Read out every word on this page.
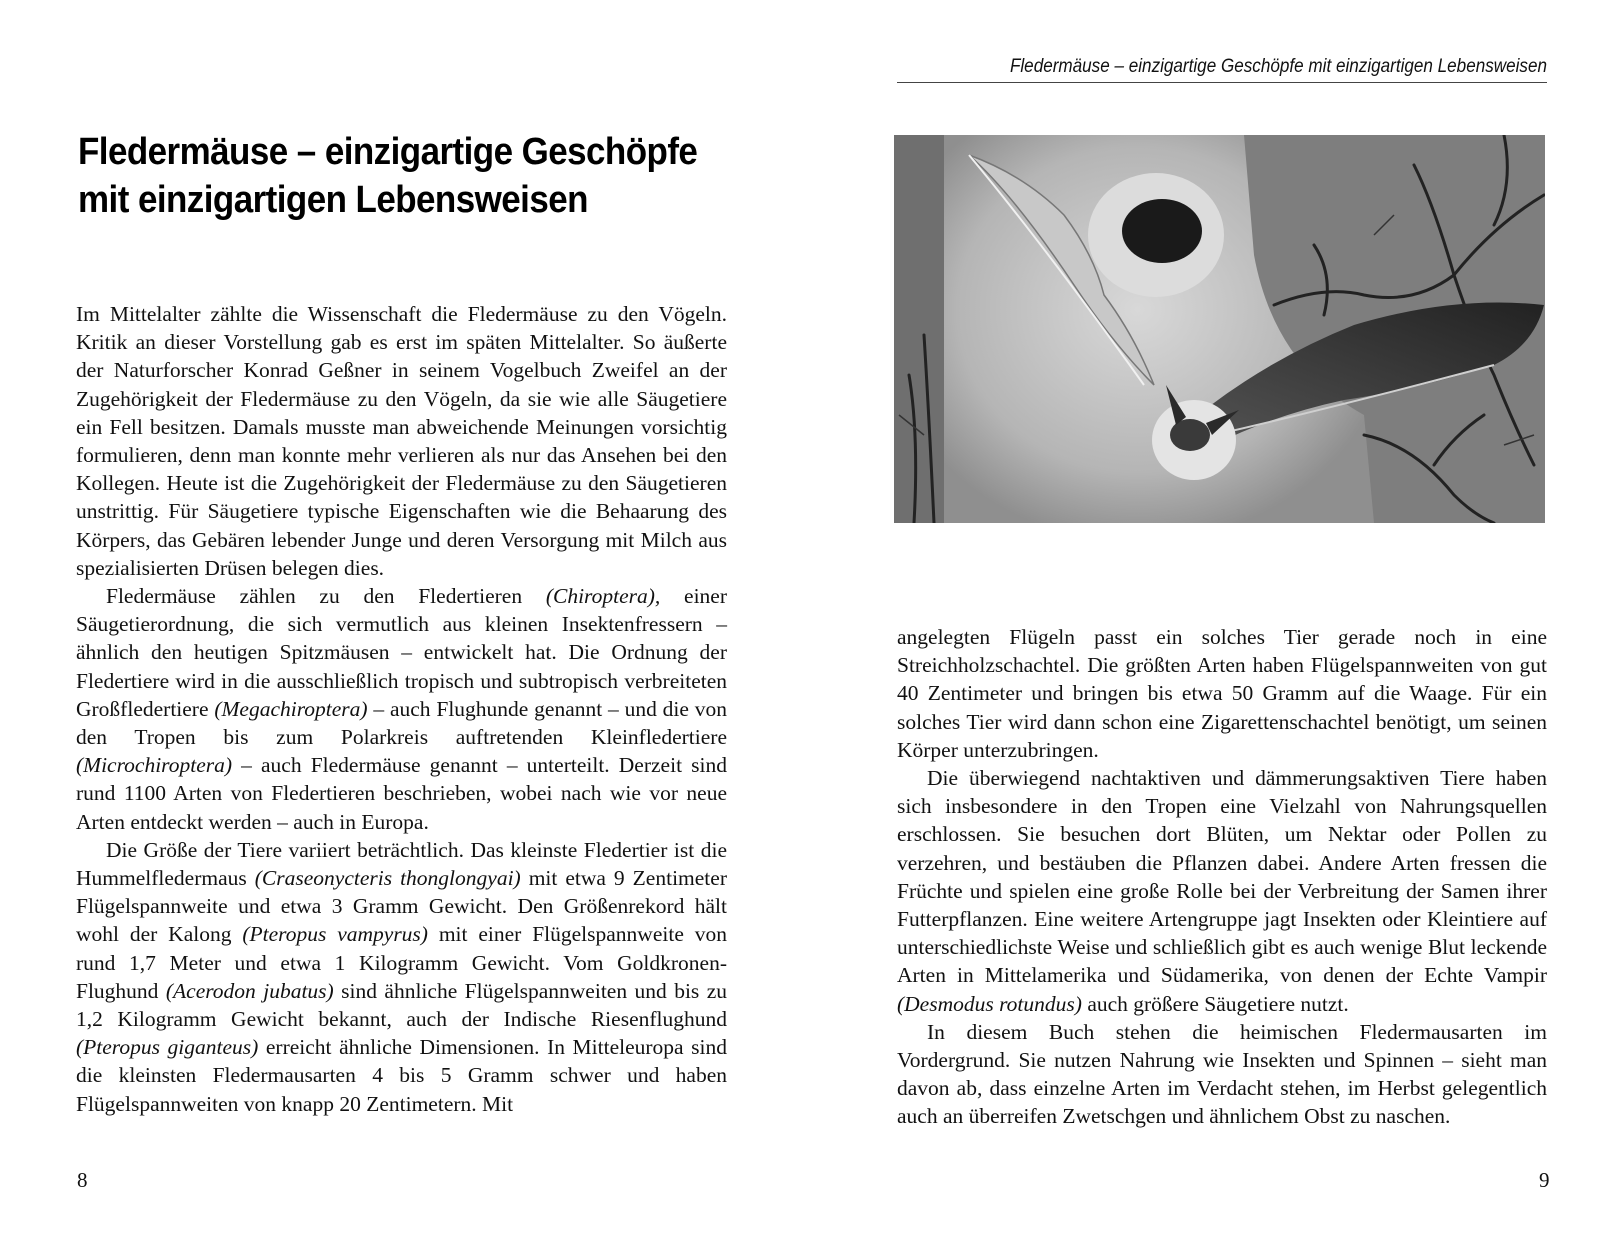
Fledermäuse – einzigartige Geschöpfe
mit einzigartigen Lebensweisen

Im Mittelalter zählte die Wissenschaft die Fledermäuse zu den Vögeln. Kritik an dieser Vorstellung gab es erst im späten Mittelalter. So äußerte der Naturforscher Konrad Geßner in seinem Vogelbuch Zweifel an der Zugehörigkeit der Fledermäuse zu den Vögeln, da sie wie alle Säugetiere ein Fell besitzen. Damals musste man abweichende Meinungen vorsichtig formulieren, denn man konnte mehr verlieren als nur das Ansehen bei den Kollegen. Heute ist die Zugehörigkeit der Fledermäuse zu den Säugetieren unstrittig. Für Säugetiere typische Eigenschaften wie die Behaarung des Körpers, das Gebären lebender Junge und deren Versorgung mit Milch aus spezialisierten Drüsen belegen dies.

Fledermäuse zählen zu den Fledertieren (Chiroptera), einer Säugetierordnung, die sich vermutlich aus kleinen Insektenfressern – ähnlich den heutigen Spitzmäusen – entwickelt hat. Die Ordnung der Fledertiere wird in die ausschließlich tropisch und subtropisch verbreiteten Großfledertiere (Megachiroptera) – auch Flughunde genannt – und die von den Tropen bis zum Polarkreis auftretenden Kleinfledertiere (Microchiroptera) – auch Fledermäuse genannt – unterteilt. Derzeit sind rund 1100 Arten von Fledertieren beschrieben, wobei nach wie vor neue Arten entdeckt werden – auch in Europa.

Die Größe der Tiere variiert beträchtlich. Das kleinste Fledertier ist die Hummelfledermaus (Craseonycteris thonglongyai) mit etwa 9 Zentimeter Flügelspannweite und etwa 3 Gramm Gewicht. Den Größenrekord hält wohl der Kalong (Pteropus vampyrus) mit einer Flügelspannweite von rund 1,7 Meter und etwa 1 Kilogramm Gewicht. Vom Goldkronen-Flughund (Acerodon jubatus) sind ähnliche Flügelspannweiten und bis zu 1,2 Kilogramm Gewicht bekannt, auch der Indische Riesenflughund (Pteropus giganteus) erreicht ähnliche Dimensionen. In Mitteleuropa sind die kleinsten Fledermausarten 4 bis 5 Gramm schwer und haben Flügelspannweiten von knapp 20 Zentimetern. Mit

8
Fledermäuse – einzigartige Geschöpfe mit einzigartigen Lebensweisen

angelegten Flügeln passt ein solches Tier gerade noch in eine Streichholzschachtel. Die größten Arten haben Flügelspannweiten von gut 40 Zentimeter und bringen bis etwa 50 Gramm auf die Waage. Für ein solches Tier wird dann schon eine Zigarettenschachtel benötigt, um seinen Körper unterzubringen.

Die überwiegend nachtaktiven und dämmerungsaktiven Tiere haben sich insbesondere in den Tropen eine Vielzahl von Nahrungsquellen erschlossen. Sie besuchen dort Blüten, um Nektar oder Pollen zu verzehren, und bestäuben die Pflanzen dabei. Andere Arten fressen die Früchte und spielen eine große Rolle bei der Verbreitung der Samen ihrer Futterpflanzen. Eine weitere Artengruppe jagt Insekten oder Kleintiere auf unterschiedlichste Weise und schließlich gibt es auch wenige Blut leckende Arten in Mittelamerika und Südamerika, von denen der Echte Vampir (Desmodus rotundus) auch größere Säugetiere nutzt.

In diesem Buch stehen die heimischen Fledermausarten im Vordergrund. Sie nutzen Nahrung wie Insekten und Spinnen – sieht man davon ab, dass einzelne Arten im Verdacht stehen, im Herbst gelegentlich auch an überreifen Zwetschgen und ähnlichem Obst zu naschen.

9
